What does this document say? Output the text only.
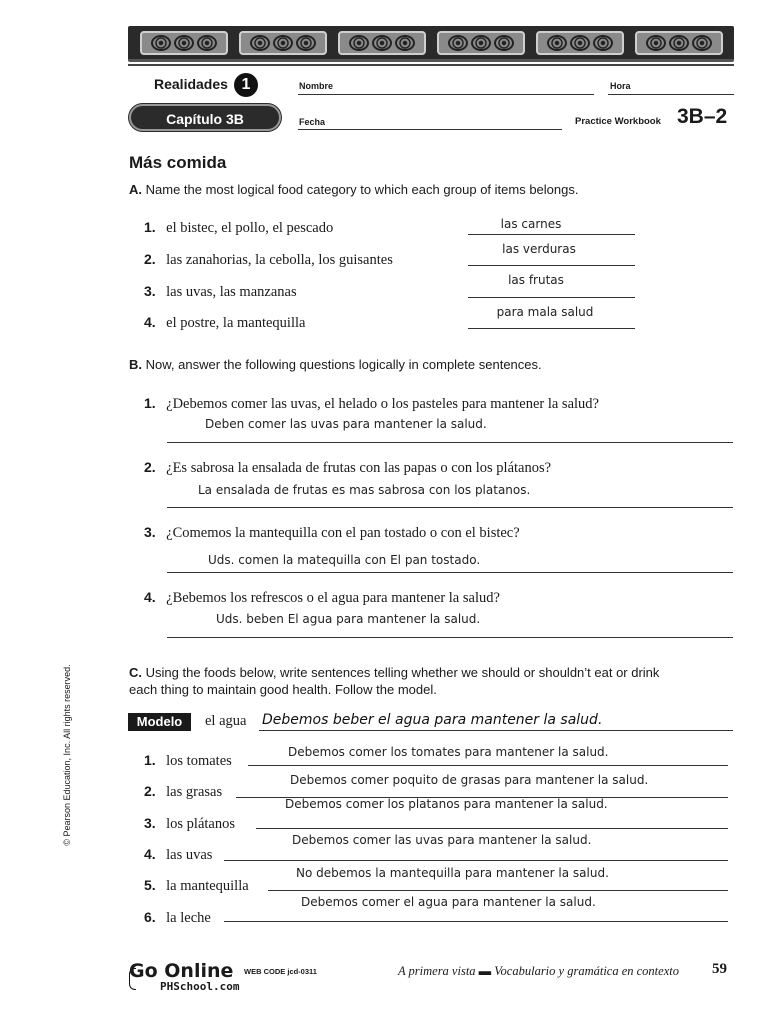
Realidades 1
Capítulo 3B
Nombre	Hora
Fecha	Practice Workbook 3B–2
Más comida
A. Name the most logical food category to which each group of items belongs.
1. el bistec, el pollo, el pescado	las carnes
2. las zanahorias, la cebolla, los guisantes
las verduras
3. las uvas, las manzanas
las frutas
4. el postre, la mantequilla
para mala salud
B. Now, answer the following questions logically in complete sentences.
1. ¿Debemos comer las uvas, el helado o los pasteles para mantener la salud?
Deben comer las uvas para mantener la salud.
2. ¿Es sabrosa la ensalada de frutas con las papas o con los plátanos?
La ensalada de frutas es mas sabrosa con los platanos.
3. ¿Comemos la mantequilla con el pan tostado o con el bistec?
Uds. comen la matequilla con El pan tostado.
4. ¿Bebemos los refrescos o el agua para mantener la salud?
Uds. beben El agua para mantener la salud.
C. Using the foods below, write sentences telling whether we should or shouldn’t eat or drink
each thing to maintain good health. Follow the model.
Modelo	el agua Debemos beber el agua para mantener la salud.
1. los tomates
Debemos comer los tomates para mantener la salud.
2. las grasas
Debemos comer poquito de grasas para mantener la salud.
3. los plátanos
Debemos comer los platanos para mantener la salud.
4. las uvas
Debemos comer las uvas para mantener la salud.
5. la mantequilla
No debemos la mantequilla para mantener la salud.
6. la leche
Debemos comer el agua para mantener la salud.
© Pearson Education, Inc. All rights reserved.
Go Online WEB CODE jcd-0311
PHSchool.com
A primera vista ▬ Vocabulario y gramática en contexto 59
